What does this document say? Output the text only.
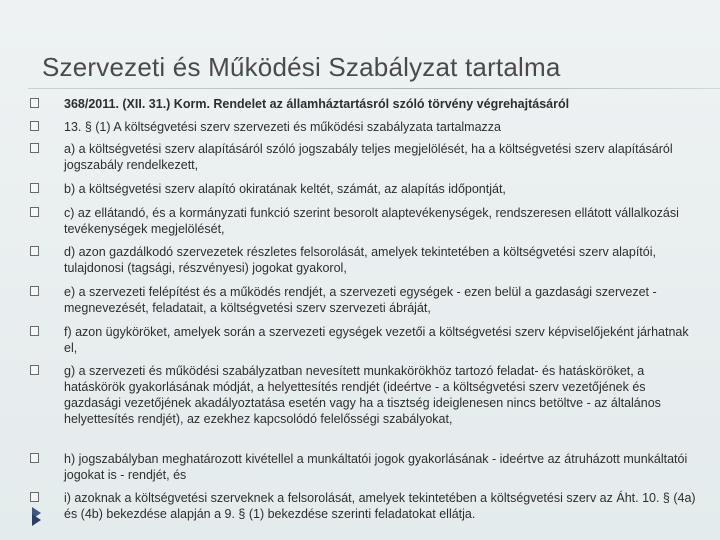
Szervezeti és Működési Szabályzat tartalma
368/2011. (XII. 31.) Korm. Rendelet az államháztartásról szóló törvény végrehajtásáról
13. § (1) A költségvetési szerv szervezeti és működési szabályzata tartalmazza
a) a költségvetési szerv alapításáról szóló jogszabály teljes megjelölését, ha a költségvetési szerv alapításáról jogszabály rendelkezett,
b) a költségvetési szerv alapító okiratának keltét, számát, az alapítás időpontját,
c) az ellátandó, és a kormányzati funkció szerint besorolt alaptevékenységek, rendszeresen ellátott vállalkozási tevékenységek megjelölését,
d) azon gazdálkodó szervezetek részletes felsorolását, amelyek tekintetében a költségvetési szerv alapítói, tulajdonosi (tagsági, részvényesi) jogokat gyakorol,
e) a szervezeti felépítést és a működés rendjét, a szervezeti egységek - ezen belül a gazdasági szervezet - megnevezését, feladatait, a költségvetési szerv szervezeti ábráját,
f) azon ügyköröket, amelyek során a szervezeti egységek vezetői a költségvetési szerv képviselőjeként járhatnak el,
g) a szervezeti és működési szabályzatban nevesített munkakörökhöz tartozó feladat- és hatásköröket, a hatáskörök gyakorlásának módját, a helyettesítés rendjét (ideértve - a költségvetési szerv vezetőjének és gazdasági vezetőjének akadályoztatása esetén vagy ha a tisztség ideiglenesen nincs betöltve - az általános helyettesítés rendjét), az ezekhez kapcsolódó felelősségi szabályokat,
h) jogszabályban meghatározott kivétellel a munkáltatói jogok gyakorlásának - ideértve az átruházott munkáltatói jogokat is - rendjét, és
i) azoknak a költségvetési szerveknek a felsorolását, amelyek tekintetében a költségvetési szerv az Áht. 10. § (4a) és (4b) bekezdése alapján a 9. § (1) bekezdése szerinti feladatokat ellátja.
